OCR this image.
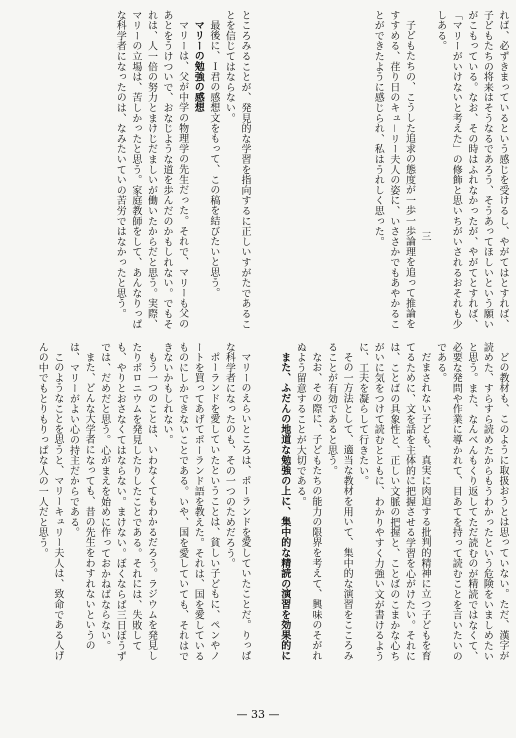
れば、必ずきまっているという感じを受けるし、やがてはとすれば、子どもたちの将来はそうなるであろう、そうあってほしいという願いがこもっている。なお、その時はふれなかったが、やがてとすれば、「マリーがいけないと考えた」の修飾と思いちがいされるおそれも少しある。

三

子どもたちの、こうした追求の態度が一歩一歩論理を追って推論をすすめる、荏り日のキュ－リー夫人の姿に、いささかでもあやかることができたように感じられ、私はうれしく思った。

どの教材も、このように取扱おうとは思っていない。ただ、漢字が読めた、すらすら読めたからもうわかったという危険をいましめたいと思う。また、なんべんもくり返してただ読むのが精読ではなくて、必要な発問や作業に導かれて、目あてを持って読むことを言いたいのである。

だまされない子ども、真実に肉迫する批判的精神に立つ子どもを育てるために、文を話を主体的に把握させる学習を心がけたい。それには、ことばの具象性と、正しい文脈の把握と、ことばのこまかな心ちがいに気をつけて読むとともに、わかりやすく力強い文が書けるように、工夫を凝らして行きたい。

その一方法として、適当な教材を用いて、集中的な演習をこころみることが有効であると思う。

なお、その際に、子どもたちの能力の限界を考えて、興味のそがれぬよう留意することが大切である。

また、ふだんの地道な勉強の上に、集中的な精読の演習を効果的に

ところみることが、発見的な学習を指向するに正しいすがたであることを信じてはならない。

最後に、Ｉ君の感想文をもって、この稿を結びたいと思う。

マリーの勉強の感想

マリーは、父が中学の物理学の先生だった。それで、マリーも父のあとをうけついで、おなじような道を歩んだのかもしれない。でもそれは、人一倍の努力とまけじだましいが働いたからだと思う。実際、マリーの立場は、苦しかったと思う。家庭教師をして、あんなりっぱな科学者になったのは、なみたいていの苦労ではなかったと思う。

マリーのえらいところは、ポーランドを愛していたことだ。りっぱな科学者になったのも、その一つのためだろう。

ポーランドを愛していたということは、貧しい子どもに、ペンやノートを買ってあげてポーランド語を教えた。それは、国を愛しているものにしかできないことである。いや、国を愛していても、それはできないかもしれない。

もう一つのことは、いわなくてもわかるだろう。ラジウムを発見したりポロニウムを発見したりしたことである。それには、失敗しても、やりとおさなくてはならない。まけない。ぼくならば三日ぼうずでは、だめだと思う。心がまえを始めに作っておかねばならない。

また、どんな大学者になっても、昔の先生をわすれないというのは、マリーがよい心の持主だからである。

このようなことを思うと、マリーキュリー夫人は、致命である人げんの中でもとりもりっぱな人の一人だと思う。

— 33 —
